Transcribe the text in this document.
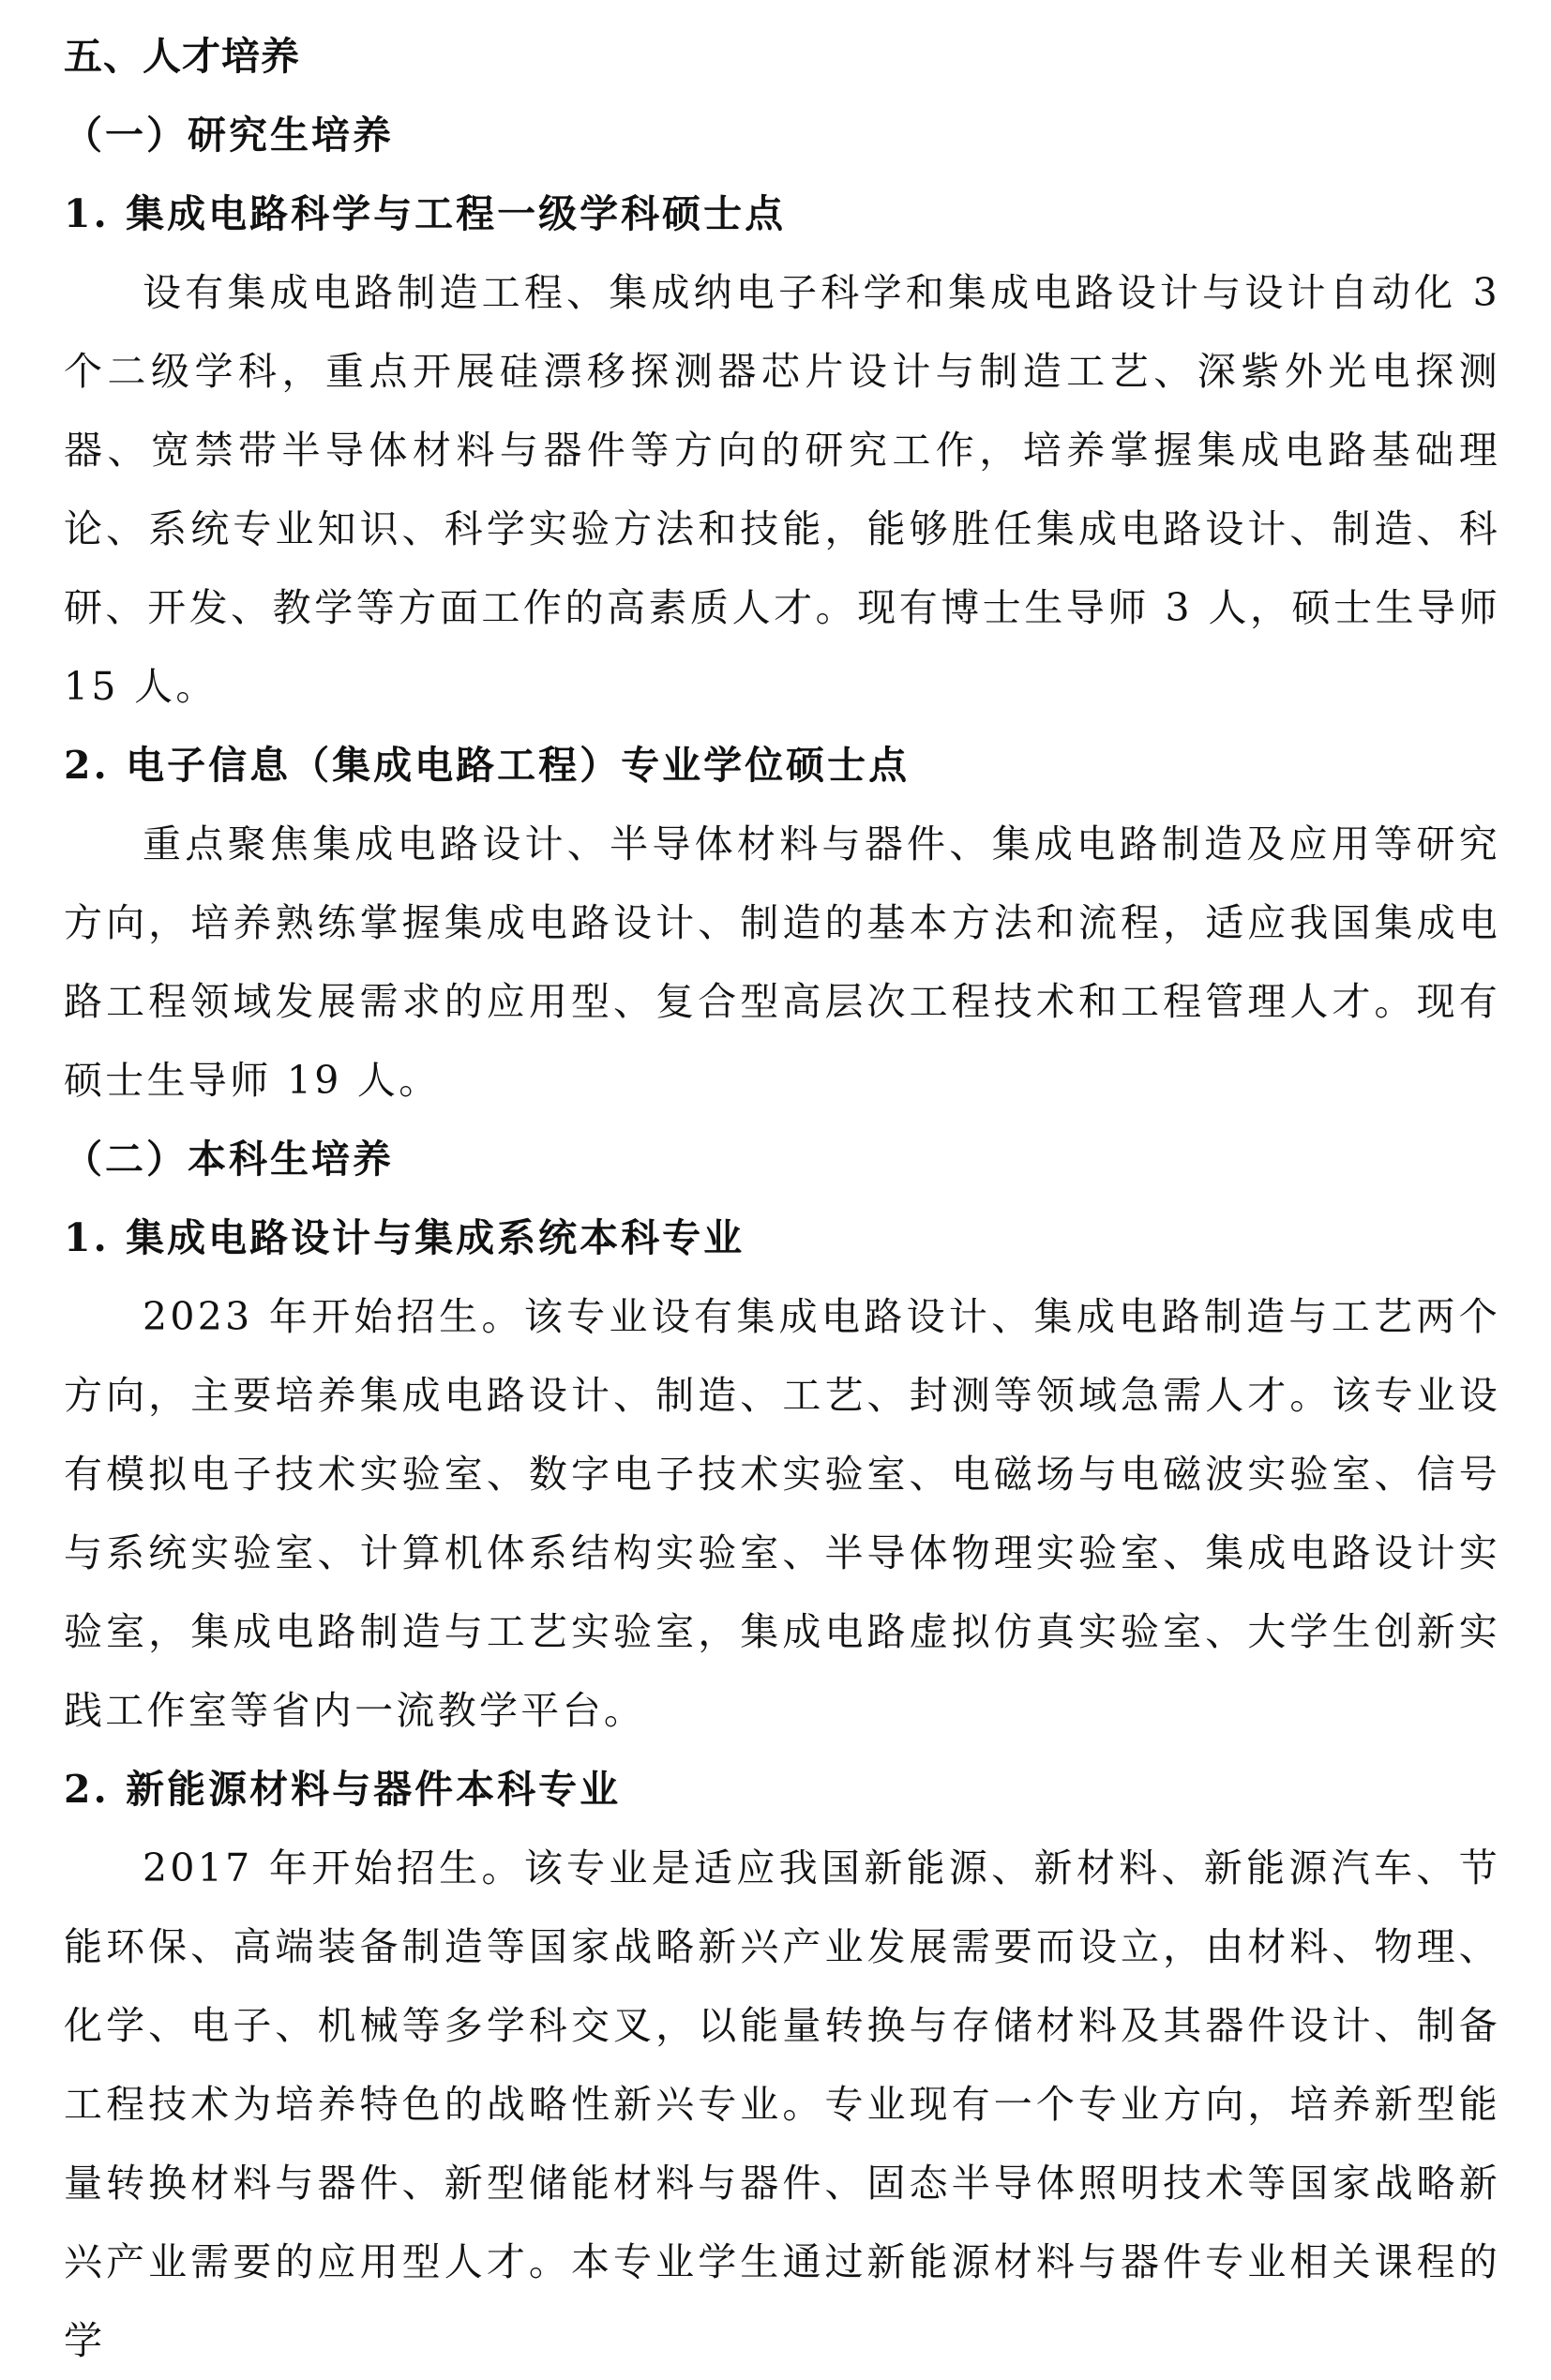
五、人才培养
（一）研究生培养
1. 集成电路科学与工程一级学科硕士点

设有集成电路制造工程、集成纳电子科学和集成电路设计与设计自动化 3 个二级学科，重点开展硅漂移探测器芯片设计与制造工艺、深紫外光电探测器、宽禁带半导体材料与器件等方向的研究工作，培养掌握集成电路基础理论、系统专业知识、科学实验方法和技能，能够胜任集成电路设计、制造、科研、开发、教学等方面工作的高素质人才。现有博士生导师 3 人，硕士生导师 15 人。

2. 电子信息（集成电路工程）专业学位硕士点

重点聚焦集成电路设计、半导体材料与器件、集成电路制造及应用等研究方向，培养熟练掌握集成电路设计、制造的基本方法和流程，适应我国集成电路工程领域发展需求的应用型、复合型高层次工程技术和工程管理人才。现有硕士生导师 19 人。

（二）本科生培养
1. 集成电路设计与集成系统本科专业

2023 年开始招生。该专业设有集成电路设计、集成电路制造与工艺两个方向，主要培养集成电路设计、制造、工艺、封测等领域急需人才。该专业设有模拟电子技术实验室、数字电子技术实验室、电磁场与电磁波实验室、信号与系统实验室、计算机体系结构实验室、半导体物理实验室、集成电路设计实验室，集成电路制造与工艺实验室，集成电路虚拟仿真实验室、大学生创新实践工作室等省内一流教学平台。

2. 新能源材料与器件本科专业

2017 年开始招生。该专业是适应我国新能源、新材料、新能源汽车、节能环保、高端装备制造等国家战略新兴产业发展需要而设立，由材料、物理、化学、电子、机械等多学科交叉，以能量转换与存储材料及其器件设计、制备工程技术为培养特色的战略性新兴专业。专业现有一个专业方向，培养新型能量转换材料与器件、新型储能材料与器件、固态半导体照明技术等国家战略新兴产业需要的应用型人才。本专业学生通过新能源材料与器件专业相关课程的学
